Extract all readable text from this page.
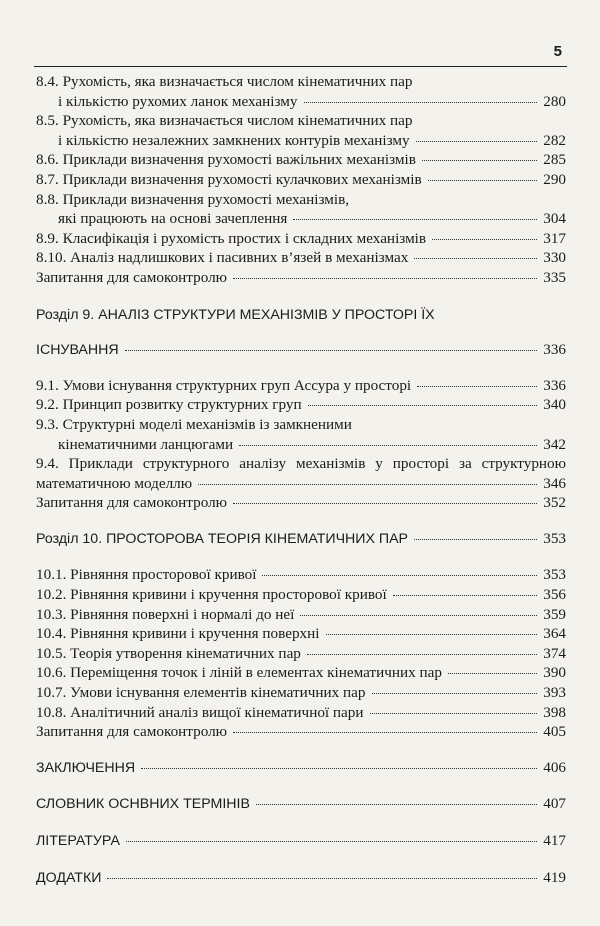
5
8.4. Рухомість, яка визначається числом кінематичних пар
і кількістю рухомих ланок механізму	280
8.5. Рухомість, яка визначається числом кінематичних пар
і кількістю незалежних замкнених контурів механізму	282
8.6. Приклади визначення рухомості важільних механізмів	285
8.7. Приклади визначення рухомості кулачкових механізмів	290
8.8. Приклади визначення рухомості механізмів,
які працюють на основі зачеплення	304
8.9. Класифікація і рухомість простих і складних механізмів	317
8.10. Аналіз надлишкових і пасивних в’язей в механізмах	330
Запитання для самоконтролю	335
Розділ 9. АНАЛІЗ СТРУКТУРИ МЕХАНІЗМІВ У ПРОСТОРІ ЇХ
ІСНУВАННЯ	336
9.1. Умови існування структурних груп Ассура у просторі	336
9.2. Принцип розвитку структурних груп	340
9.3. Структурні моделі механізмів із замкненими
кінематичними ланцюгами	342
9.4. Приклади структурного аналізу механізмів у просторі за структурною
математичною моделлю	346
Запитання для самоконтролю	352
Розділ 10. ПРОСТОРОВА ТЕОРІЯ КІНЕМАТИЧНИХ ПАР	353
10.1. Рівняння просторової кривої	353
10.2. Рівняння кривини і кручення просторової кривої	356
10.3. Рівняння поверхні і нормалі до неї	359
10.4. Рівняння кривини і кручення поверхні	364
10.5. Теорія утворення кінематичних пар	374
10.6. Переміщення точок і ліній в елементах кінематичних пар	390
10.7. Умови існування елементів кінематичних пар	393
10.8. Аналітичний аналіз вищої кінематичної пари	398
Запитання для самоконтролю	405
ЗАКЛЮЧЕННЯ	406
СЛОВНИК ОСНВНИХ ТЕРМІНІВ	407
ЛІТЕРАТУРА	417
ДОДАТКИ	419
